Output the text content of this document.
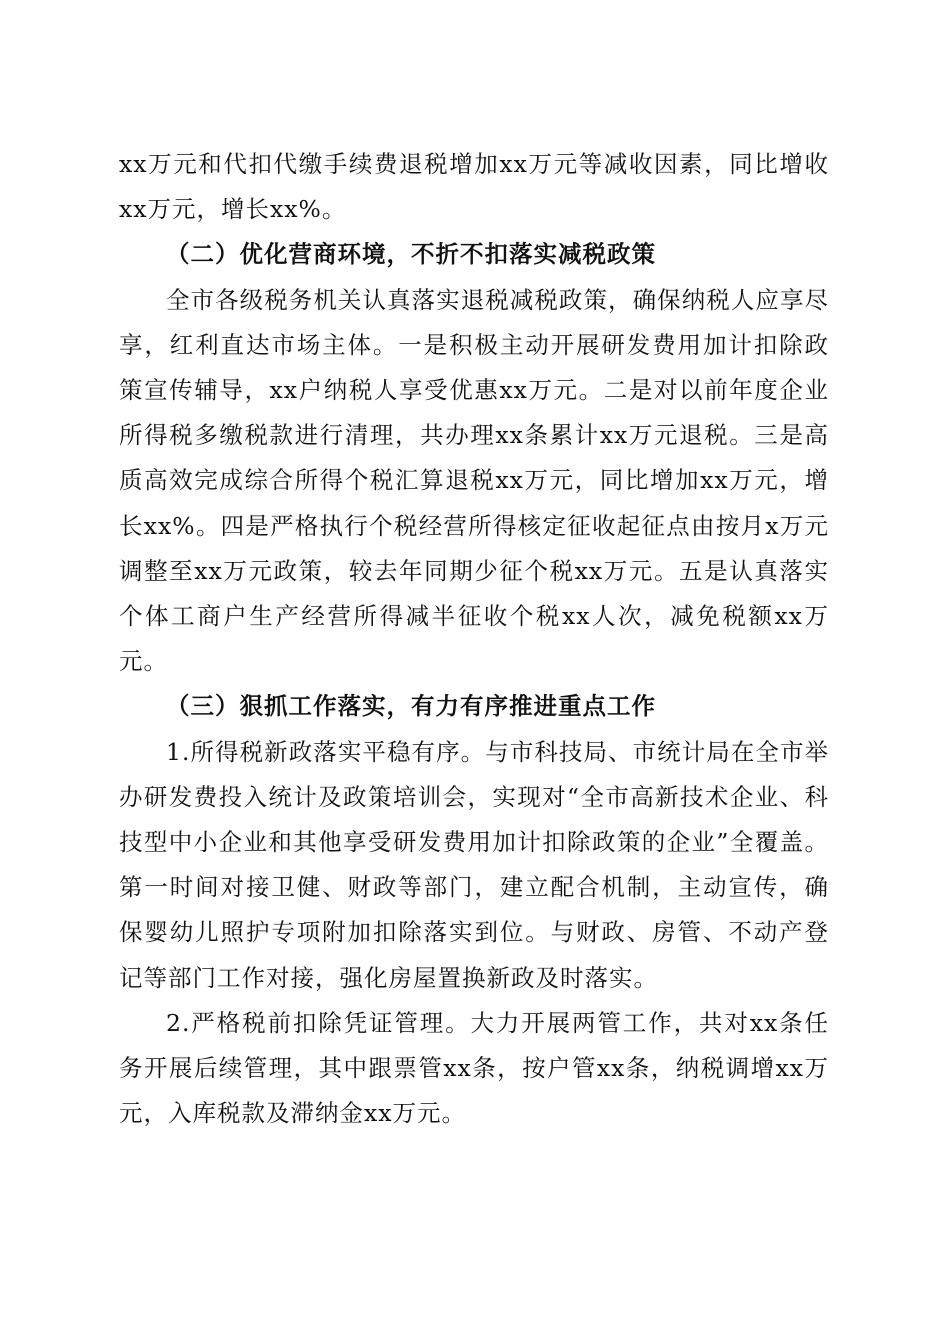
xx万元和代扣代缴手续费退税增加xx万元等减收因素，同比增收xx万元，增长xx%。

（二）优化营商环境，不折不扣落实减税政策

全市各级税务机关认真落实退税减税政策，确保纳税人应享尽享，红利直达市场主体。一是积极主动开展研发费用加计扣除政策宣传辅导，xx户纳税人享受优惠xx万元。二是对以前年度企业所得税多缴税款进行清理，共办理xx条累计xx万元退税。三是高质高效完成综合所得个税汇算退税xx万元，同比增加xx万元，增长xx%。四是严格执行个税经营所得核定征收起征点由按月x万元调整至xx万元政策，较去年同期少征个税xx万元。五是认真落实个体工商户生产经营所得减半征收个税xx人次，减免税额xx万元。

（三）狠抓工作落实，有力有序推进重点工作

1.所得税新政落实平稳有序。与市科技局、市统计局在全市举办研发费投入统计及政策培训会，实现对“全市高新技术企业、科技型中小企业和其他享受研发费用加计扣除政策的企业”全覆盖。第一时间对接卫健、财政等部门，建立配合机制，主动宣传，确保婴幼儿照护专项附加扣除落实到位。与财政、房管、不动产登记等部门工作对接，强化房屋置换新政及时落实。

2.严格税前扣除凭证管理。大力开展两管工作，共对xx条任务开展后续管理，其中跟票管xx条，按户管xx条，纳税调增xx万元，入库税款及滞纳金xx万元。
